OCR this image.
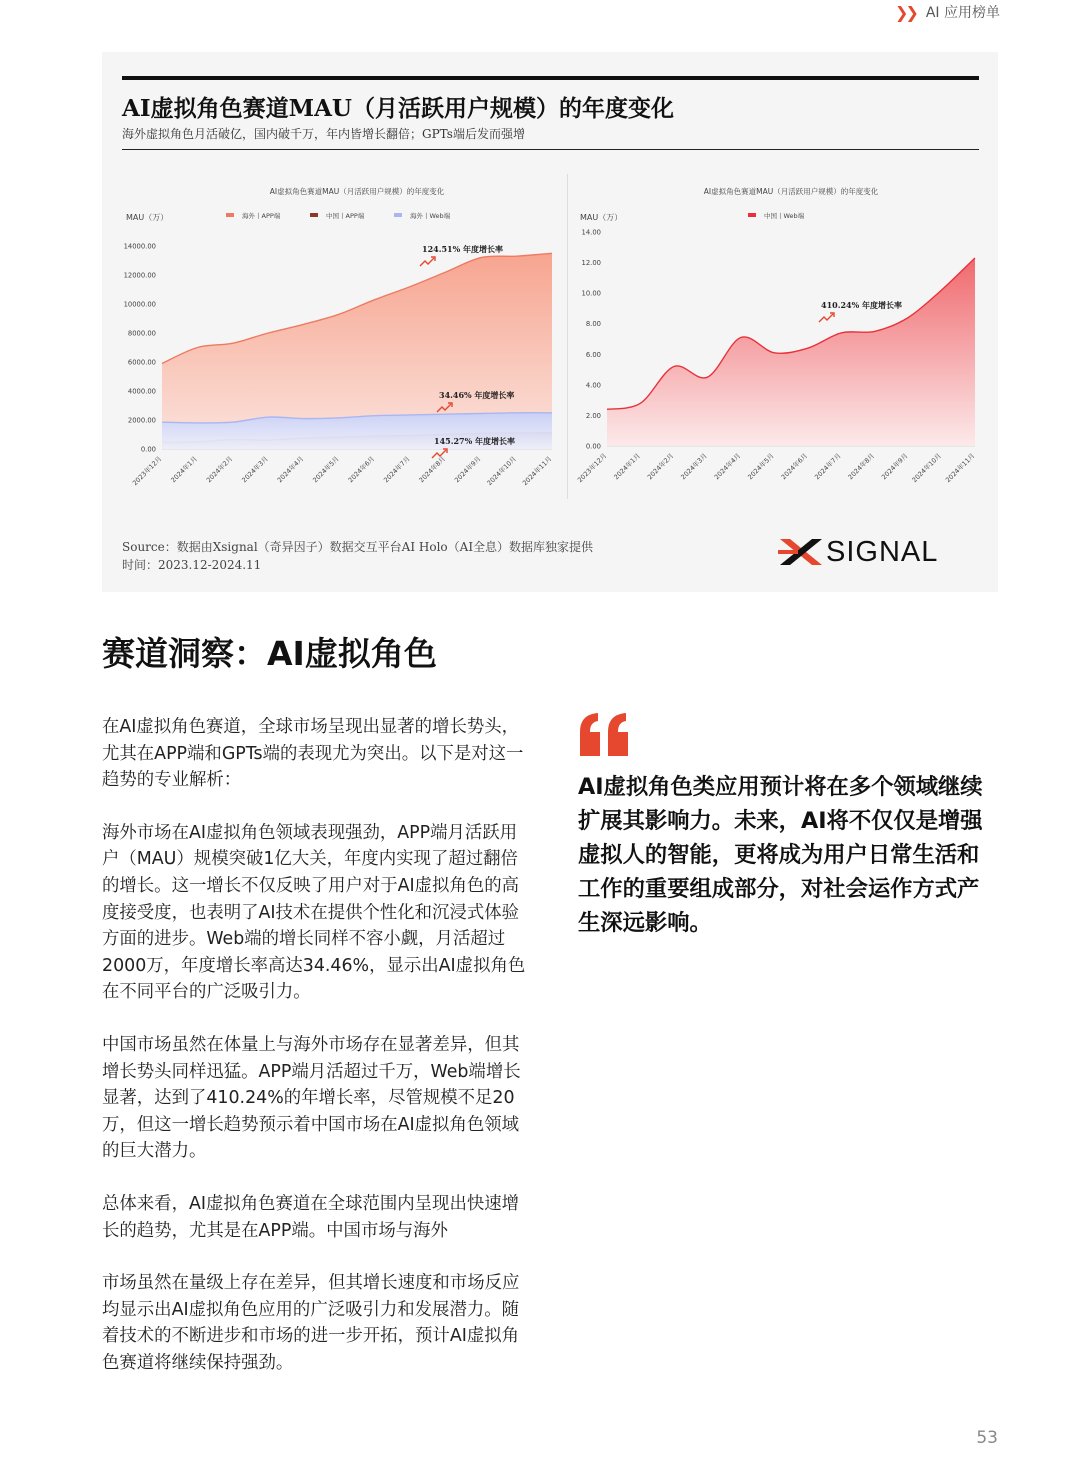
❯❯ AI 应用榜单
AI虚拟角色赛道MAU（月活跃用户规模）的年度变化
海外虚拟角色月活破亿，国内破千万，年内皆增长翻倍；GPTs端后发而强增
AI虚拟角色赛道MAU（月活跃用户规模）的年度变化
MAU（万）	海外丨APP端	中国丨APP端	海外丨Web端
0.00
2000.00
4000.00
6000.00
8000.00
10000.00
12000.00
14000.00
2023年12月 2024年1月 2024年2月 2024年3月 2024年4月 2024年5月 2024年6月 2024年7月 2024年8月 2024年9月 2024年10月 2024年11月
124.51% 年度增长率
34.46% 年度增长率
145.27% 年度增长率
AI虚拟角色赛道MAU（月活跃用户规模）的年度变化
MAU（万）	中国丨Web端
0.00
2.00
4.00
6.00
8.00
10.00
12.00
14.00
2023年12月 2024年1月 2024年2月 2024年3月 2024年4月 2024年5月 2024年6月 2024年7月 2024年8月 2024年9月 2024年10月 2024年11月
410.24% 年度增长率
Source：数据由Xsignal（奇异因子）数据交互平台AI Holo（AI全息）数据库独家提供
时间：2023.12-2024.11	SIGNAL
赛道洞察：AI虚拟角色

在AI虚拟角色赛道，全球市场呈现出显著的增长势头，尤其在APP端和GPTs端的表现尤为突出。以下是对这一趋势的专业解析：

海外市场在AI虚拟角色领域表现强劲，APP端月活跃用户（MAU）规模突破1亿大关，年度内实现了超过翻倍的增长。这一增长不仅反映了用户对于AI虚拟角色的高度接受度，也表明了AI技术在提供个性化和沉浸式体验方面的进步。Web端的增长同样不容小觑，月活超过2000万，年度增长率高达34.46%，显示出AI虚拟角色在不同平台的广泛吸引力。

中国市场虽然在体量上与海外市场存在显著差异，但其增长势头同样迅猛。APP端月活超过千万，Web端增长显著，达到了410.24%的年增长率，尽管规模不足20万，但这一增长趋势预示着中国市场在AI虚拟角色领域的巨大潜力。

总体来看，AI虚拟角色赛道在全球范围内呈现出快速增长的趋势，尤其是在APP端。中国市场与海外

市场虽然在量级上存在差异，但其增长速度和市场反应均显示出AI虚拟角色应用的广泛吸引力和发展潜力。随着技术的不断进步和市场的进一步开拓，预计AI虚拟角色赛道将继续保持强劲。

AI虚拟角色类应用预计将在多个领域继续扩展其影响力。未来，AI将不仅仅是增强虚拟人的智能，更将成为用户日常生活和工作的重要组成部分，对社会运作方式产生深远影响。
53
